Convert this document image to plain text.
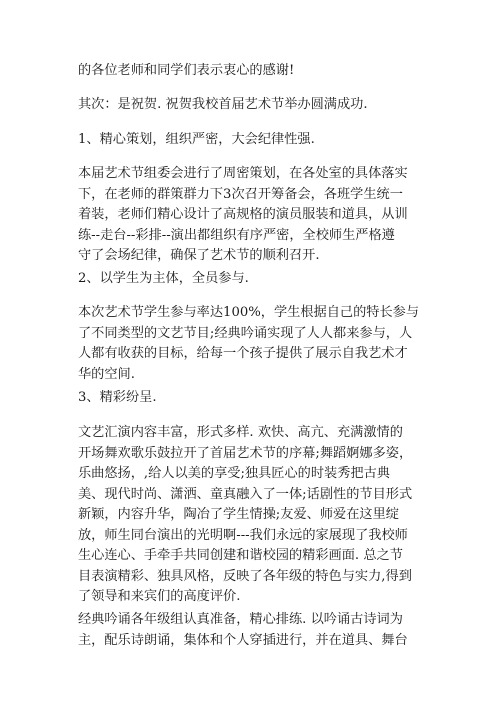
的各位老师和同学们表示衷心的感谢!

其次：是祝贺. 祝贺我校首届艺术节举办圆满成功.

1、精心策划，组织严密，大会纪律性强.

本届艺术节组委会进行了周密策划，在各处室的具体落实
下，在老师的群策群力下3次召开筹备会，各班学生统一
着装，老师们精心设计了高规格的演员服装和道具，从训
练--走台--彩排--演出都组织有序严密，全校师生严格遵
守了会场纪律，确保了艺术节的顺利召开.

2、以学生为主体，全员参与.

本次艺术节学生参与率达100%，学生根据自己的特长参与
了不同类型的文艺节目;经典吟诵实现了人人都来参与，人
人都有收获的目标，给每一个孩子提供了展示自我艺术才
华的空间.

3、精彩纷呈.

文艺汇演内容丰富，形式多样. 欢快、高亢、充满激情的
开场舞欢歌乐鼓拉开了首届艺术节的序幕;舞蹈婀娜多姿，
乐曲悠扬，,给人以美的享受;独具匠心的时装秀把古典
美、现代时尚、潇洒、童真融入了一体;话剧性的节目形式
新颖，内容升华，陶冶了学生情操;友爱、师爱在这里绽
放，师生同台演出的光明啊---我们永远的家展现了我校师
生心连心、手牵手共同创建和谐校园的精彩画面. 总之节
目表演精彩、独具风格，反映了各年级的特色与实力,得到
了领导和来宾们的高度评价.

经典吟诵各年级组认真准备，精心排练. 以吟诵古诗词为
主，配乐诗朗诵，集体和个人穿插进行，并在道具、舞台
